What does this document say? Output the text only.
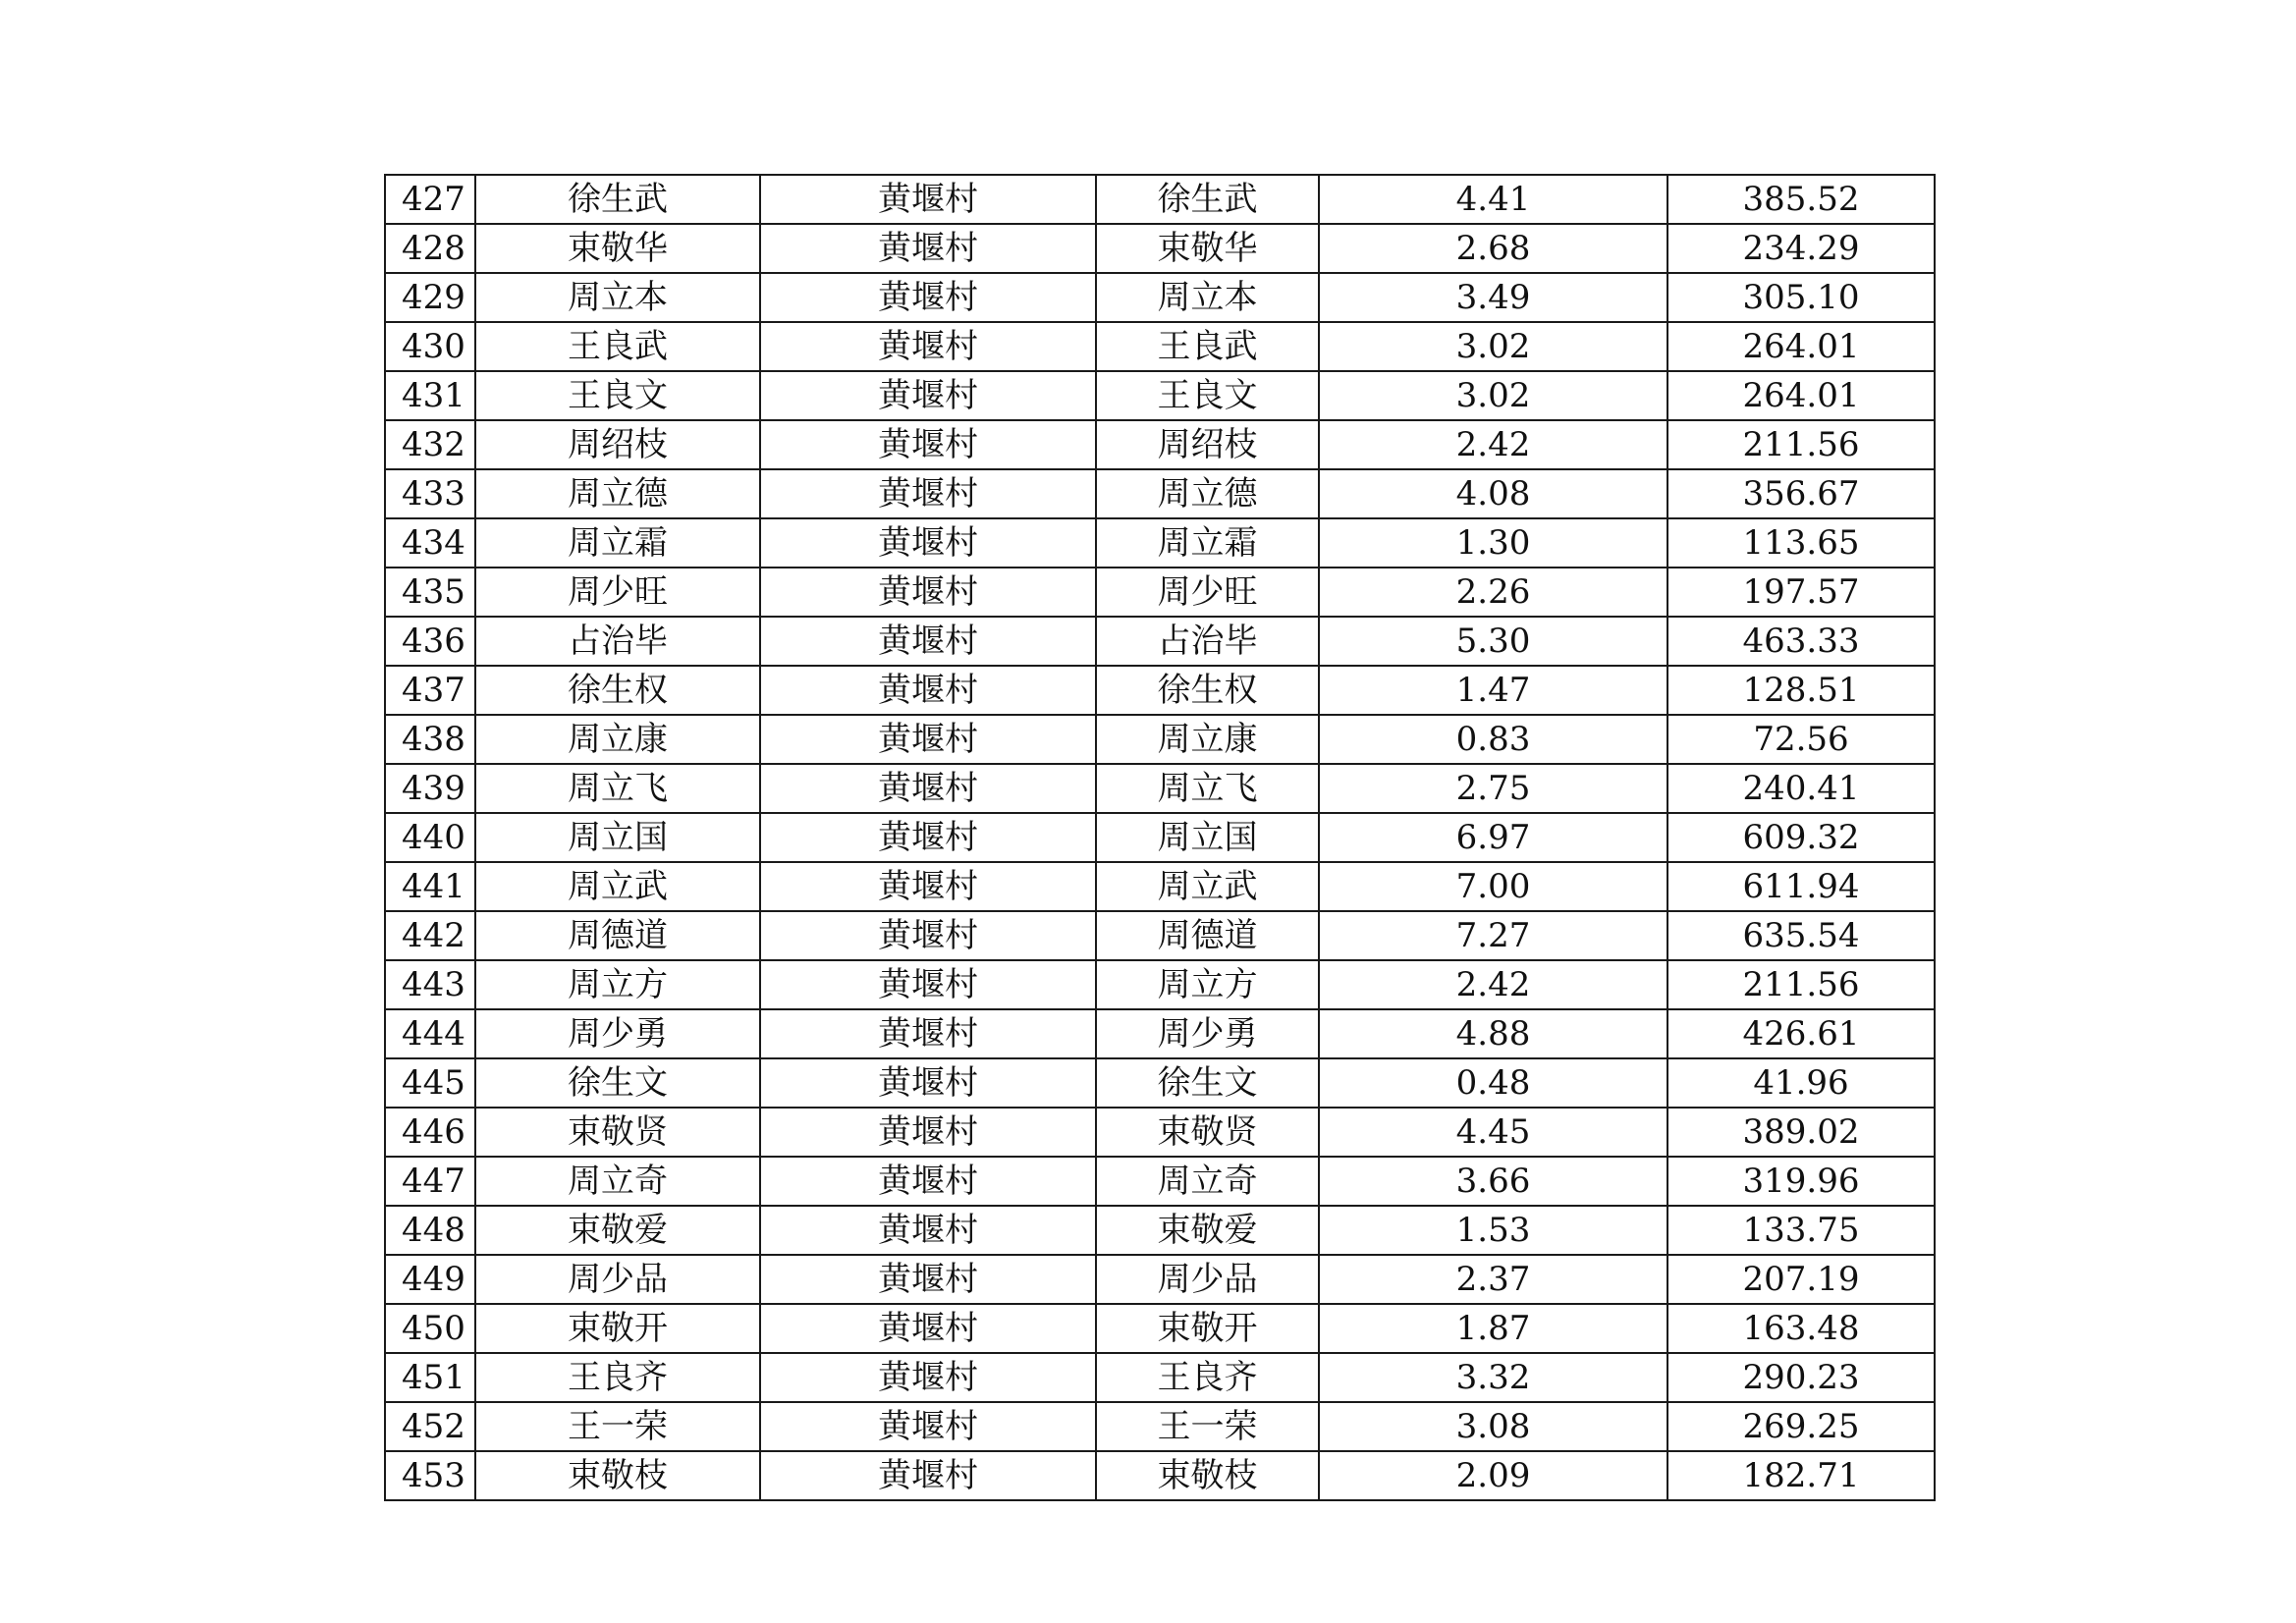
427	徐生武	黄堰村	徐生武	4.41	385.52
428	束敬华	黄堰村	束敬华	2.68	234.29
429	周立本	黄堰村	周立本	3.49	305.10
430	王良武	黄堰村	王良武	3.02	264.01
431	王良文	黄堰村	王良文	3.02	264.01
432	周绍枝	黄堰村	周绍枝	2.42	211.56
433	周立德	黄堰村	周立德	4.08	356.67
434	周立霜	黄堰村	周立霜	1.30	113.65
435	周少旺	黄堰村	周少旺	2.26	197.57
436	占治毕	黄堰村	占治毕	5.30	463.33
437	徐生权	黄堰村	徐生权	1.47	128.51
438	周立康	黄堰村	周立康	0.83	72.56
439	周立飞	黄堰村	周立飞	2.75	240.41
440	周立国	黄堰村	周立国	6.97	609.32
441	周立武	黄堰村	周立武	7.00	611.94
442	周德道	黄堰村	周德道	7.27	635.54
443	周立方	黄堰村	周立方	2.42	211.56
444	周少勇	黄堰村	周少勇	4.88	426.61
445	徐生文	黄堰村	徐生文	0.48	41.96
446	束敬贤	黄堰村	束敬贤	4.45	389.02
447	周立奇	黄堰村	周立奇	3.66	319.96
448	束敬爱	黄堰村	束敬爱	1.53	133.75
449	周少品	黄堰村	周少品	2.37	207.19
450	束敬开	黄堰村	束敬开	1.87	163.48
451	王良齐	黄堰村	王良齐	3.32	290.23
452	王一荣	黄堰村	王一荣	3.08	269.25
453	束敬枝	黄堰村	束敬枝	2.09	182.71
